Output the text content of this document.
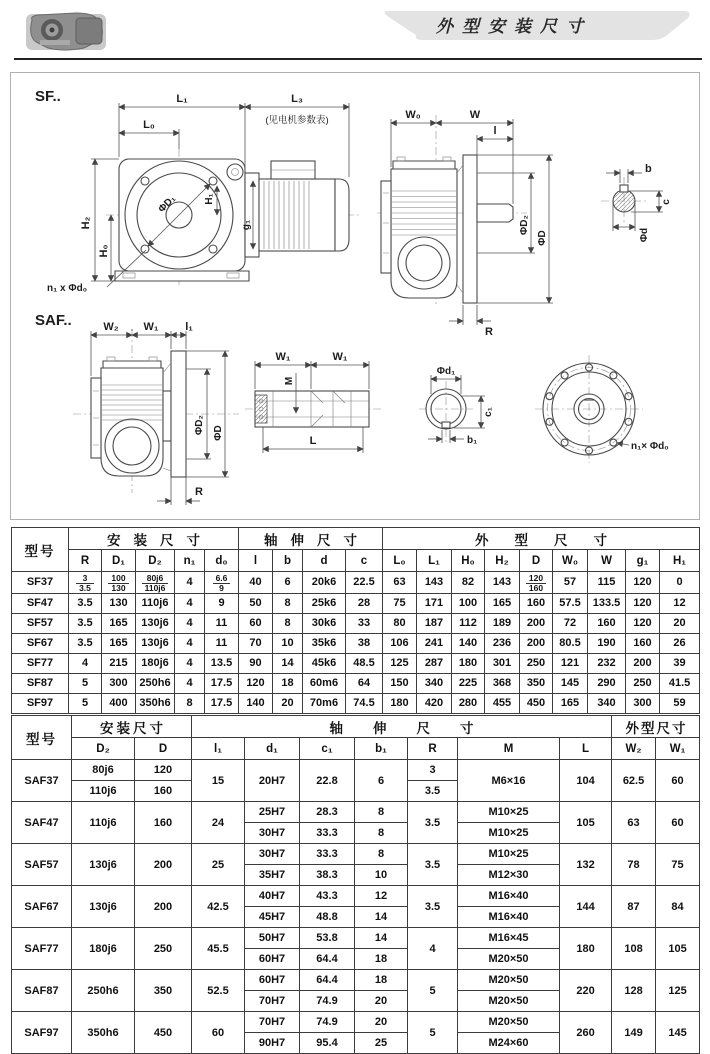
外型安装尺寸
SF..
SAF..
L₁	L₃
(见电机参数表)
L₀
H₂
H₀
H₁
ΦD₁
g₁
n₁ x Φd₀
W₀	W
l
ΦD₂
ΦD
R
b
c
Φd
W₂ W₁ l₁
ΦD₂ ΦD
R
W₁	W₁
M
L
Φd₁
c₁
b₁
n₁× Φd₀
型号	安装尺寸					轴伸尺寸				外型尺寸								
	R	D₁	D₂	n₁	d₀	l	b	d	c	L₀	L₁	H₀	H₂	D	W₀	W	g₁	H₁
SF37	$\frac{3}{3.5}$	$\frac{100}{130}$	$\frac{80j6}{110j6}$	4	$\frac{6.6}{9}$	40	6	20k6	22.5	63	143	82	143	$\frac{120}{160}$	57	115	120	0
SF47	3.5	130	110j6	4	9	50	8	25k6	28	75	171	100	165	160	57.5	133.5	120	12
SF57	3.5	165	130j6	4	11	60	8	30k6	33	80	187	112	189	200	72	160	120	20
SF67	3.5	165	130j6	4	11	70	10	35k6	38	106	241	140	236	200	80.5	190	160	26
SF77	4	215	180j6	4	13.5	90	14	45k6	48.5	125	287	180	301	250	121	232	200	39
SF87	5	300	250h6	4	17.5	120	18	60m6	64	150	340	225	368	350	145	290	250	41.5
SF97	5	400	350h6	8	17.5	140	20	70m6	74.5	180	420	280	455	450	165	340	300	59
型号	安装尺寸		轴伸尺寸							外型尺寸	
	D₂	D	l₁	d₁	c₁	b₁	R	M	L	W₂	W₁
SAF37	80j6	120	15	20H7	22.8	6	3	M6×16	104	62.5	60
	110j6	160					3.5				
SAF47	110j6	160	24	25H7	28.3	8	3.5	M10×25	105	63	60
				30H7	33.3	8		M10×25			
SAF57	130j6	200	25	30H7	33.3	8	3.5	M10×25	132	78	75
				35H7	38.3	10		M12×30			
SAF67	130j6	200	42.5	40H7	43.3	12	3.5	M16×40	144	87	84
				45H7	48.8	14		M16×40			
SAF77	180j6	250	45.5	50H7	53.8	14	4	M16×45	180	108	105
				60H7	64.4	18		M20×50			
SAF87	250h6	350	52.5	60H7	64.4	18	5	M20×50	220	128	125
				70H7	74.9	20		M20×50			
SAF97	350h6	450	60	70H7	74.9	20	5	M20×50	260	149	145
				90H7	95.4	25		M24×60			
